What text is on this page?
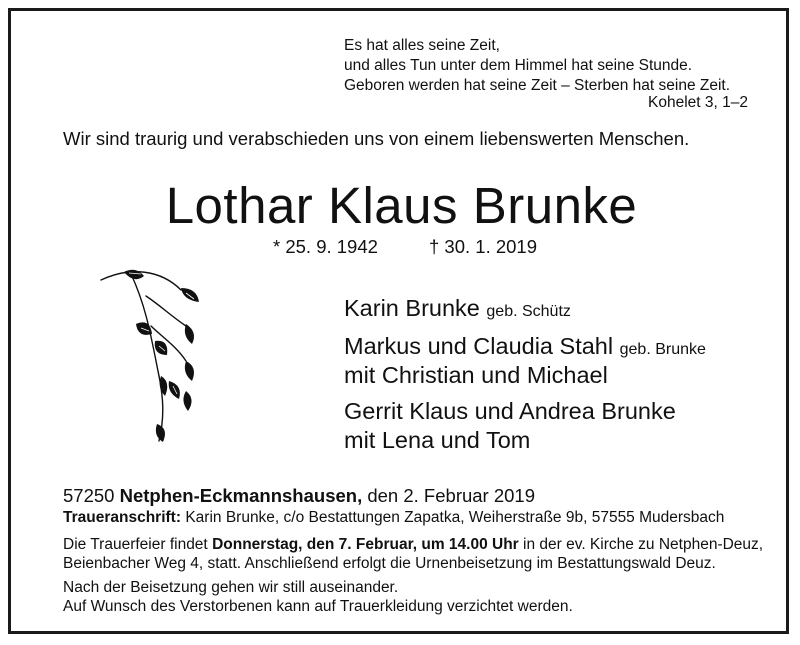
Es hat alles seine Zeit,
und alles Tun unter dem Himmel hat seine Stunde.
Geboren werden hat seine Zeit – Sterben hat seine Zeit.
Kohelet 3, 1–2
Wir sind traurig und verabschieden uns von einem liebenswerten Menschen.
Lothar Klaus Brunke
* 25. 9. 1942	† 30. 1. 2019
Karin Brunke geb. Schütz
Markus und Claudia Stahl geb. Brunke
mit Christian und Michael
Gerrit Klaus und Andrea Brunke
mit Lena und Tom
57250 Netphen-Eckmannshausen, den 2. Februar 2019
Traueranschrift: Karin Brunke, c/o Bestattungen Zapatka, Weiherstraße 9b, 57555 Mudersbach
Die Trauerfeier findet Donnerstag, den 7. Februar, um 14.00 Uhr in der ev. Kirche zu Netphen-Deuz,
Beienbacher Weg 4, statt. Anschließend erfolgt die Urnenbeisetzung im Bestattungswald Deuz.
Nach der Beisetzung gehen wir still auseinander.
Auf Wunsch des Verstorbenen kann auf Trauerkleidung verzichtet werden.
